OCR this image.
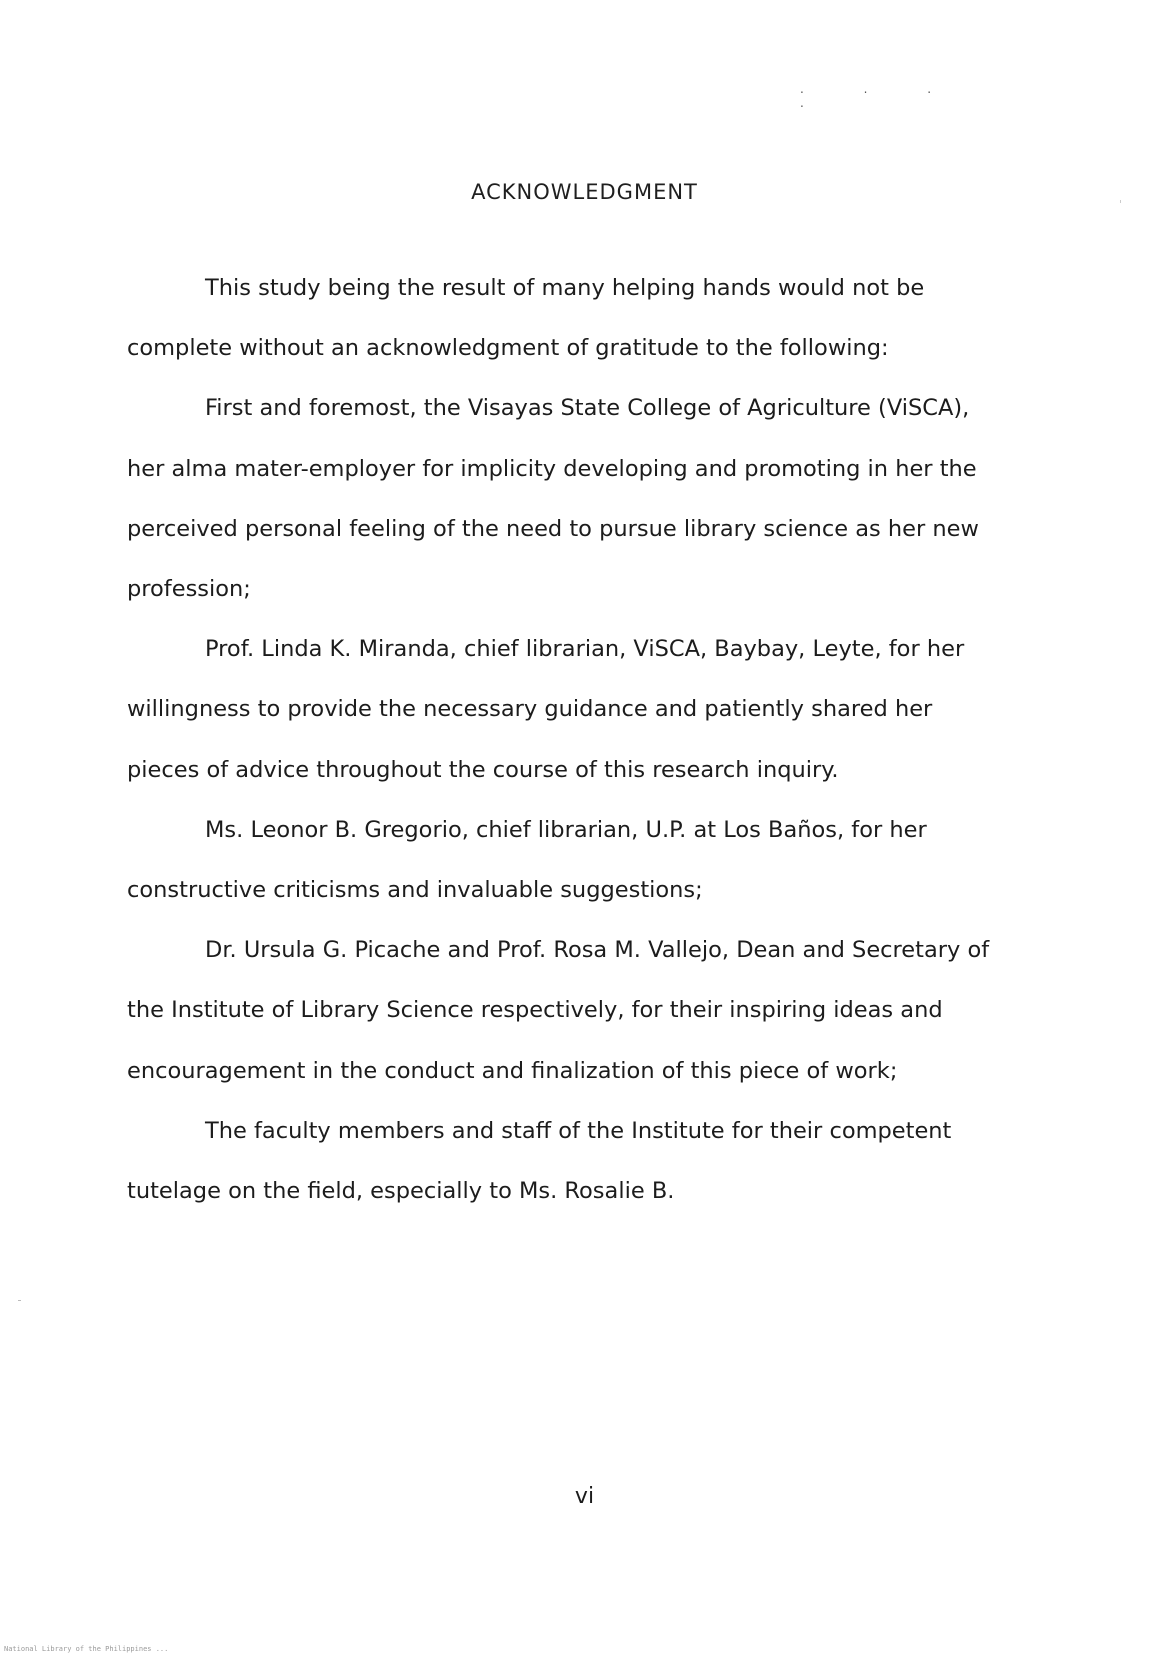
. . . .
ACKNOWLEDGMENT

This study being the result of many helping hands would not be complete without an acknowledgment of gratitude to the following:

First and foremost, the Visayas State College of Agriculture (ViSCA), her alma mater-employer for implicity developing and promoting in her the perceived personal feeling of the need to pursue library science as her new profession;

Prof. Linda K. Miranda, chief librarian, ViSCA, Baybay, Leyte, for her willingness to provide the necessary guidance and patiently shared her pieces of advice throughout the course of this research inquiry.

Ms. Leonor B. Gregorio, chief librarian, U.P. at Los Baños, for her constructive criticisms and invaluable suggestions;

Dr. Ursula G. Picache and Prof. Rosa M. Vallejo, Dean and Secretary of the Institute of Library Science respectively, for their inspiring ideas and encouragement in the conduct and finalization of this piece of work;

The faculty members and staff of the Institute for their competent tutelage on the field, especially to Ms. Rosalie B.

vi
National Library of the Philippines ...
